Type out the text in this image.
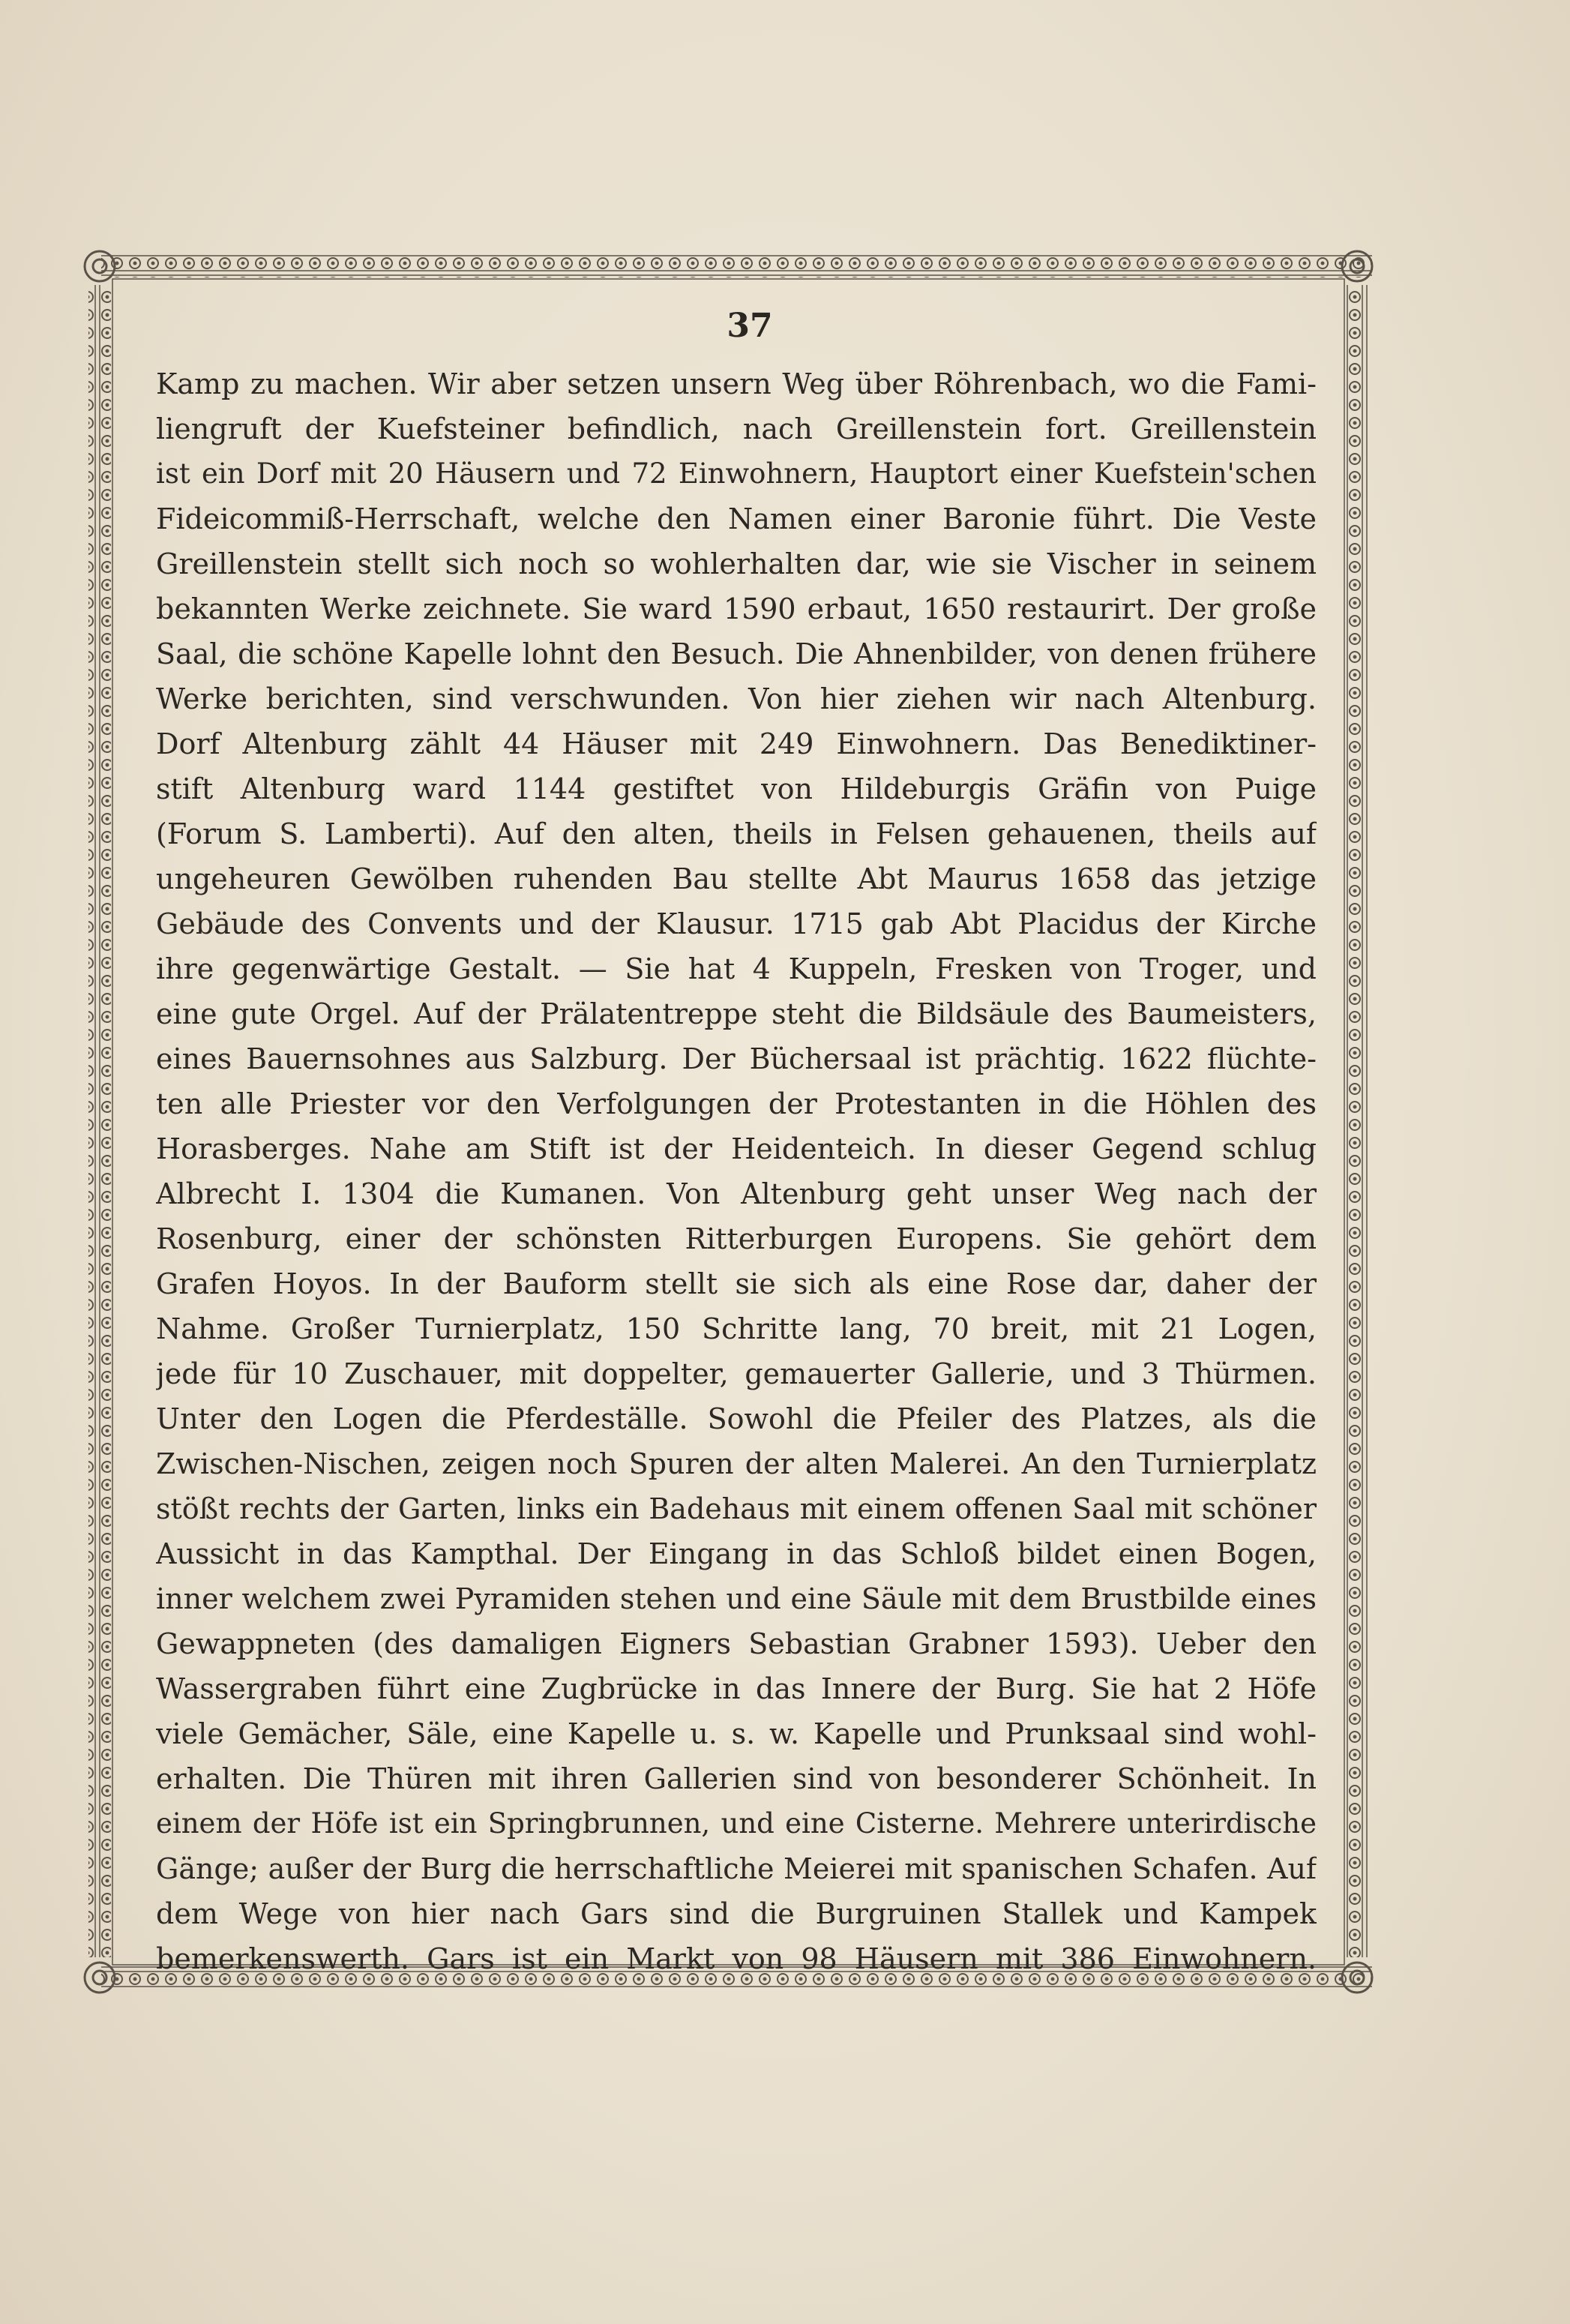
37
Kamp zu machen. Wir aber setzen unsern Weg über Röhrenbach, wo die Fami-
liengruft der Kuefsteiner befindlich, nach Greillenstein fort. Greillenstein
ist ein Dorf mit 20 Häusern und 72 Einwohnern, Hauptort einer Kuefstein'schen
Fideicommiß-Herrschaft, welche den Namen einer Baronie führt. Die Veste
Greillenstein stellt sich noch so wohlerhalten dar, wie sie Vischer in seinem
bekannten Werke zeichnete. Sie ward 1590 erbaut, 1650 restaurirt. Der große
Saal, die schöne Kapelle lohnt den Besuch. Die Ahnenbilder, von denen frühere
Werke berichten, sind verschwunden. Von hier ziehen wir nach Altenburg.
Dorf Altenburg zählt 44 Häuser mit 249 Einwohnern. Das Benediktiner-
stift Altenburg ward 1144 gestiftet von Hildeburgis Gräfin von Puige
(Forum S. Lamberti). Auf den alten, theils in Felsen gehauenen, theils auf
ungeheuren Gewölben ruhenden Bau stellte Abt Maurus 1658 das jetzige
Gebäude des Convents und der Klausur. 1715 gab Abt Placidus der Kirche
ihre gegenwärtige Gestalt. — Sie hat 4 Kuppeln, Fresken von Troger, und
eine gute Orgel. Auf der Prälatentreppe steht die Bildsäule des Baumeisters,
eines Bauernsohnes aus Salzburg. Der Büchersaal ist prächtig. 1622 flüchte-
ten alle Priester vor den Verfolgungen der Protestanten in die Höhlen des
Horasberges. Nahe am Stift ist der Heidenteich. In dieser Gegend schlug
Albrecht I. 1304 die Kumanen. Von Altenburg geht unser Weg nach der
Rosenburg, einer der schönsten Ritterburgen Europens. Sie gehört dem
Grafen Hoyos. In der Bauform stellt sie sich als eine Rose dar, daher der
Nahme. Großer Turnierplatz, 150 Schritte lang, 70 breit, mit 21 Logen,
jede für 10 Zuschauer, mit doppelter, gemauerter Gallerie, und 3 Thürmen.
Unter den Logen die Pferdeställe. Sowohl die Pfeiler des Platzes, als die
Zwischen-Nischen, zeigen noch Spuren der alten Malerei. An den Turnierplatz
stößt rechts der Garten, links ein Badehaus mit einem offenen Saal mit schöner
Aussicht in das Kampthal. Der Eingang in das Schloß bildet einen Bogen,
inner welchem zwei Pyramiden stehen und eine Säule mit dem Brustbilde eines
Gewappneten (des damaligen Eigners Sebastian Grabner 1593). Ueber den
Wassergraben führt eine Zugbrücke in das Innere der Burg. Sie hat 2 Höfe
viele Gemächer, Säle, eine Kapelle u. s. w. Kapelle und Prunksaal sind wohl-
erhalten. Die Thüren mit ihren Gallerien sind von besonderer Schönheit. In
einem der Höfe ist ein Springbrunnen, und eine Cisterne. Mehrere unterirdische
Gänge; außer der Burg die herrschaftliche Meierei mit spanischen Schafen. Auf
dem Wege von hier nach Gars sind die Burgruinen Stallek und Kampek
bemerkenswerth. Gars ist ein Markt von 98 Häusern mit 386 Einwohnern.
